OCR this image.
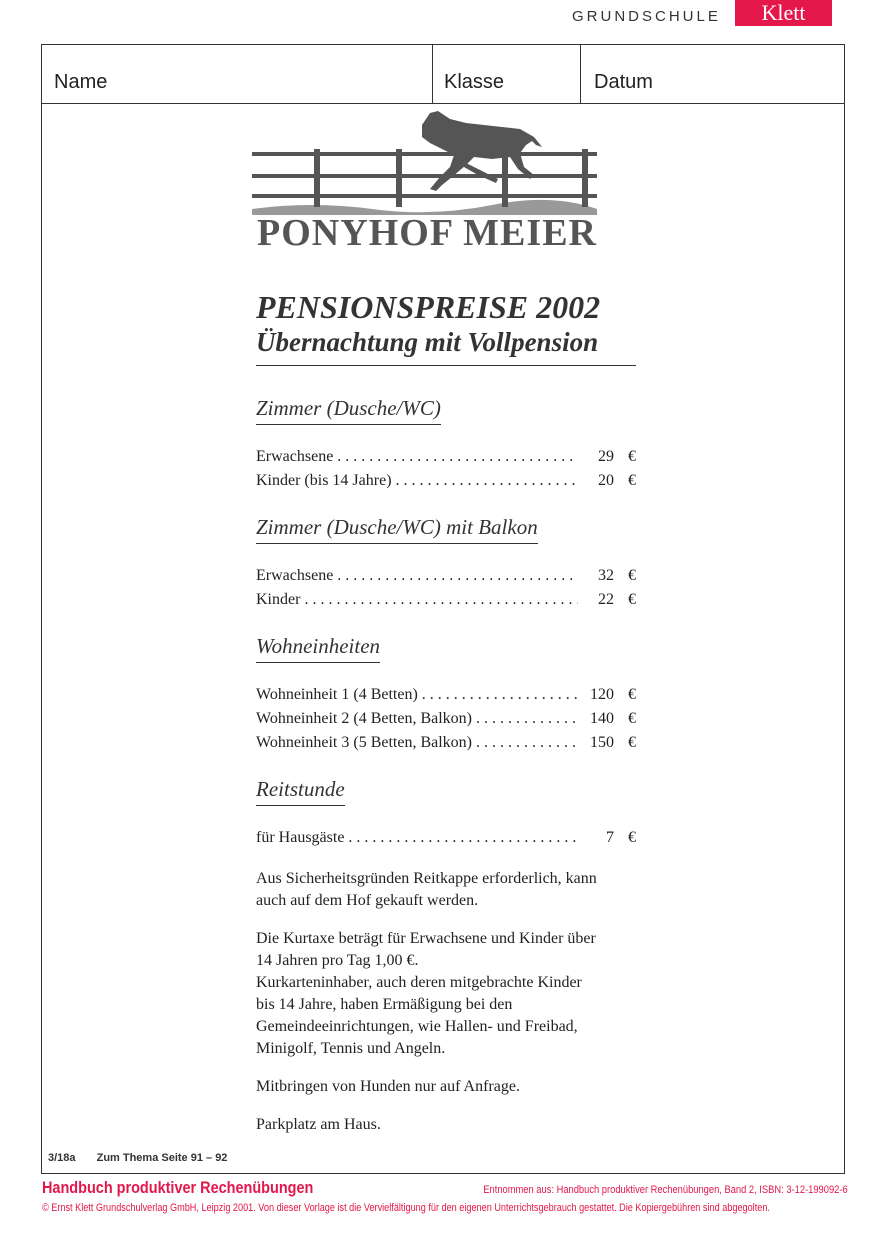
GRUNDSCHULE	Klett
Name	Klasse	Datum
PONYHOF MEIER
PENSIONSPREISE 2002
Übernachtung mit Vollpension
Zimmer (Dusche/WC)
Erwachsene . . .	29 €
Kinder (bis 14 Jahre) . . .	20 €
Zimmer (Dusche/WC) mit Balkon
Erwachsene . . .	32 €
Kinder . . .	22 €
Wohneinheiten
Wohneinheit 1 (4 Betten) . . .	120 €
Wohneinheit 2 (4 Betten, Balkon) . . .	140 €
Wohneinheit 3 (5 Betten, Balkon) . . .	150 €
Reitstunde
für Hausgäste . . .	7 €

Aus Sicherheitsgründen Reitkappe erforderlich, kann

auch auf dem Hof gekauft werden.

Die Kurtaxe beträgt für Erwachsene und Kinder über

14 Jahren pro Tag 1,00 €.

Kurkarteninhaber, auch deren mitgebrachte Kinder

bis 14 Jahre, haben Ermäßigung bei den

Gemeindeeinrichtungen, wie Hallen- und Freibad,

Minigolf, Tennis und Angeln.

Mitbringen von Hunden nur auf Anfrage.

Parkplatz am Haus.

3/18a Zum Thema Seite 91 – 92
Handbuch produktiver Rechenübungen	Entnommen aus: Handbuch produktiver Rechenübungen, Band 2, ISBN: 3-12-199092-6
© Ernst Klett Grundschulverlag GmbH, Leipzig 2001. Von dieser Vorlage ist die Vervielfältigung für den eigenen Unterrichtsgebrauch gestattet. Die Kopiergebühren sind abgegolten.
